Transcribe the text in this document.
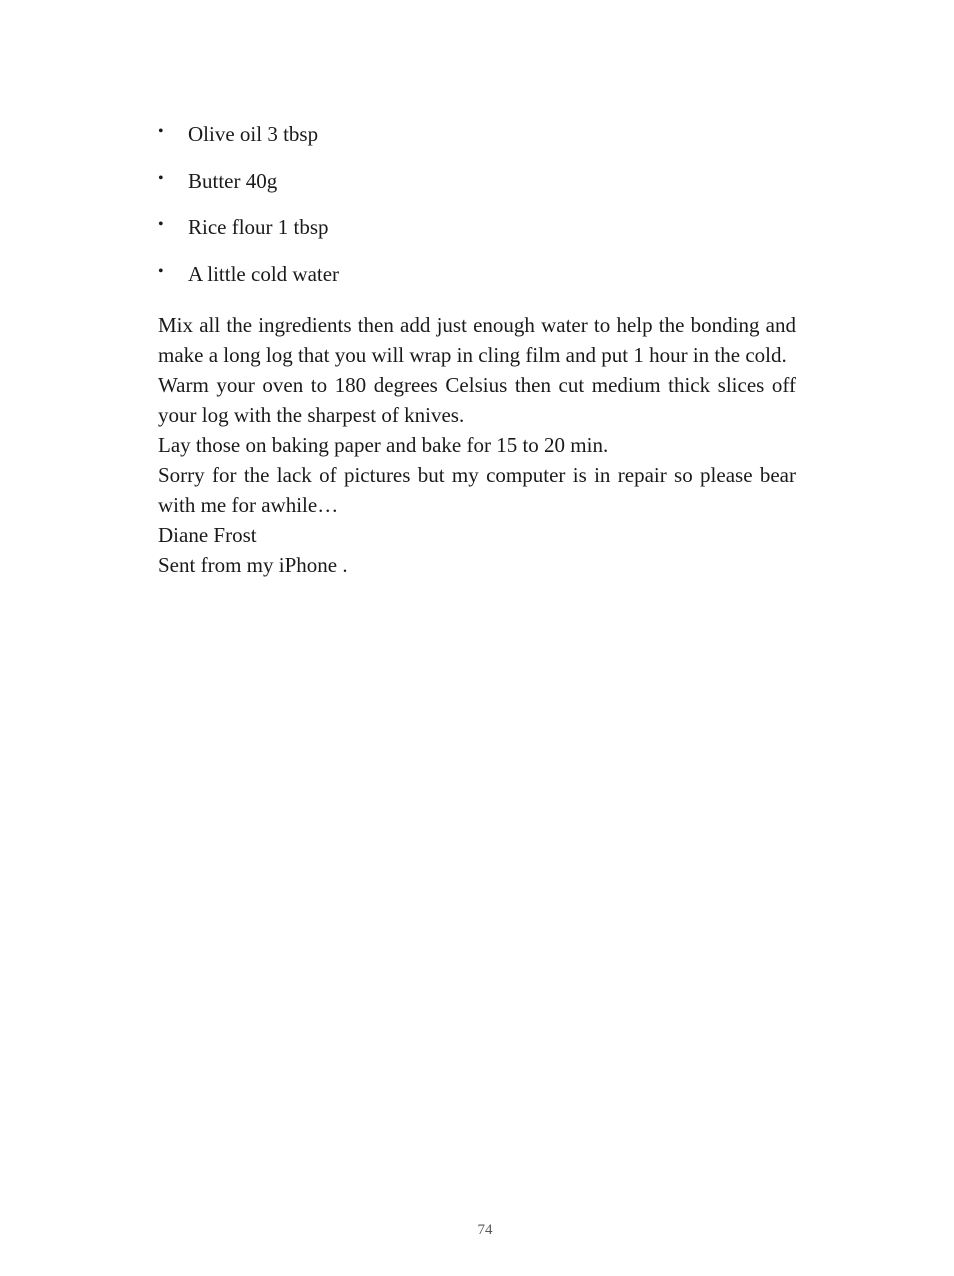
• Olive oil 3 tbsp
• Butter 40g
• Rice flour 1 tbsp
• A little cold water

Mix all the ingredients then add just enough water to help the bonding and make a long log that you will wrap in cling film and put 1 hour in the cold.

Warm your oven to 180 degrees Celsius then cut medium thick slices off your log with the sharpest of knives.

Lay those on baking paper and bake for 15 to 20 min.

Sorry for the lack of pictures but my computer is in repair so please bear with me for awhile…

Diane Frost

Sent from my iPhone .

74
